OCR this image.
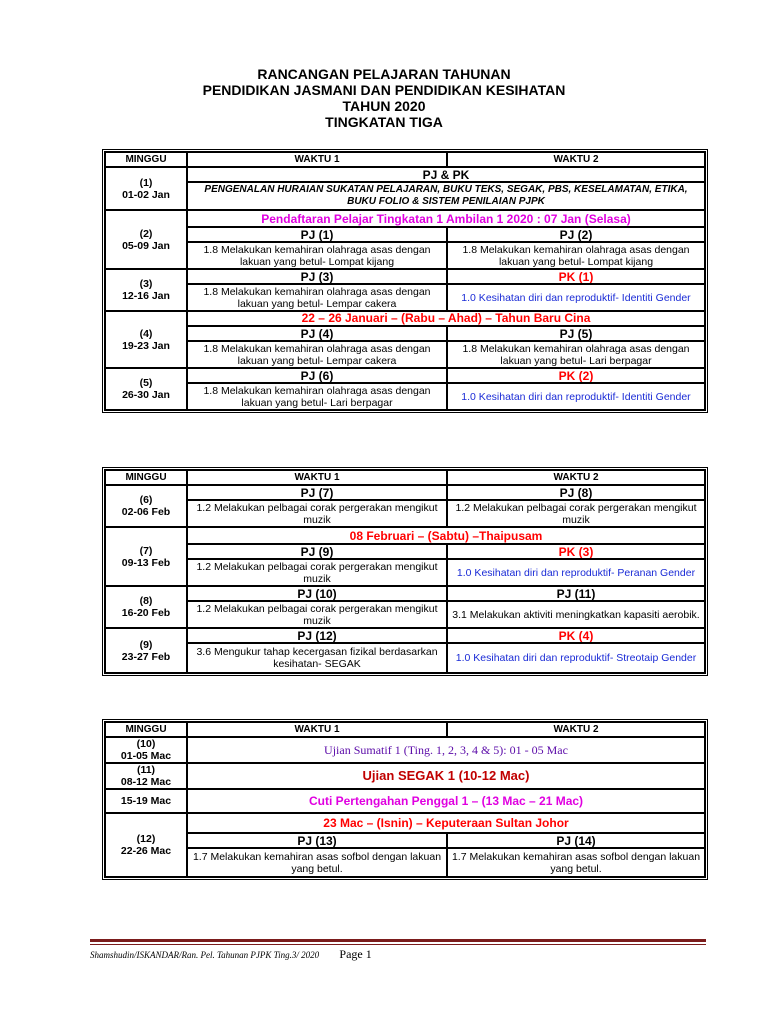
RANCANGAN PELAJARAN TAHUNAN
PENDIDIKAN JASMANI DAN PENDIDIKAN KESIHATAN
TAHUN 2020
TINGKATAN TIGA
MINGGU	WAKTU 1	WAKTU 2

(1)
01-02 Jan	PJ & PK	
	PENGENALAN HURAIAN SUKATAN PELAJARAN, BUKU TEKS, SEGAK, PBS, KESELAMATAN, ETIKA, BUKU FOLIO & SISTEM PENILAIAN PJPK	

(2)
05-09 Jan	Pendaftaran Pelajar Tingkatan 1 Ambilan 1 2020 : 07 Jan (Selasa)	
	PJ (1)	PJ (2)
	1.8 Melakukan kemahiran olahraga asas dengan lakuan yang betul- Lompat kijang	1.8 Melakukan kemahiran olahraga asas dengan lakuan yang betul- Lompat kijang

(3)
12-16 Jan	PJ (3)	PK (1)
	1.8 Melakukan kemahiran olahraga asas dengan lakuan yang betul- Lempar cakera	1.0 Kesihatan diri dan reproduktif- Identiti Gender

(4)
19-23 Jan	22 – 26 Januari – (Rabu – Ahad) – Tahun Baru Cina	
	PJ (4)	PJ (5)
	1.8 Melakukan kemahiran olahraga asas dengan lakuan yang betul- Lempar cakera	1.8 Melakukan kemahiran olahraga asas dengan lakuan yang betul- Lari berpagar

(5)
26-30 Jan	PJ (6)	PK (2)
	1.8 Melakukan kemahiran olahraga asas dengan lakuan yang betul- Lari berpagar	1.0 Kesihatan diri dan reproduktif- Identiti Gender
MINGGU	WAKTU 1	WAKTU 2

(6)
02-06 Feb	PJ (7)	PJ (8)
	1.2 Melakukan pelbagai corak pergerakan mengikut muzik	1.2 Melakukan pelbagai corak pergerakan mengikut muzik

(7)
09-13 Feb	08 Februari – (Sabtu) –Thaipusam	
	PJ (9)	PK (3)
	1.2 Melakukan pelbagai corak pergerakan mengikut muzik	1.0 Kesihatan diri dan reproduktif- Peranan Gender

(8)
16-20 Feb	PJ (10)	PJ (11)
	1.2 Melakukan pelbagai corak pergerakan mengikut muzik	3.1 Melakukan aktiviti meningkatkan kapasiti aerobik.

(9)
23-27 Feb	PJ (12)	PK (4)
	3.6 Mengukur tahap kecergasan fizikal berdasarkan kesihatan- SEGAK	1.0 Kesihatan diri dan reproduktif- Streotaip Gender
MINGGU	WAKTU 1	WAKTU 2

(10)
01-05 Mac	Ujian Sumatif 1 (Ting. 1, 2, 3, 4 & 5): 01 - 05 Mac	

(11)
08-12 Mac	Ujian SEGAK 1 (10-12 Mac)	

15-19 Mac	Cuti Pertengahan Penggal 1 – (13 Mac – 21 Mac)	

(12)
22-26 Mac	23 Mac – (Isnin) – Keputeraan Sultan Johor	
	PJ (13)	PJ (14)
	1.7 Melakukan kemahiran asas sofbol dengan lakuan yang betul.	1.7 Melakukan kemahiran asas sofbol dengan lakuan yang betul.
Shamshudin/ISKANDAR/Ran. Pel. Tahunan PJPK Ting.3/ 2020 Page 1
